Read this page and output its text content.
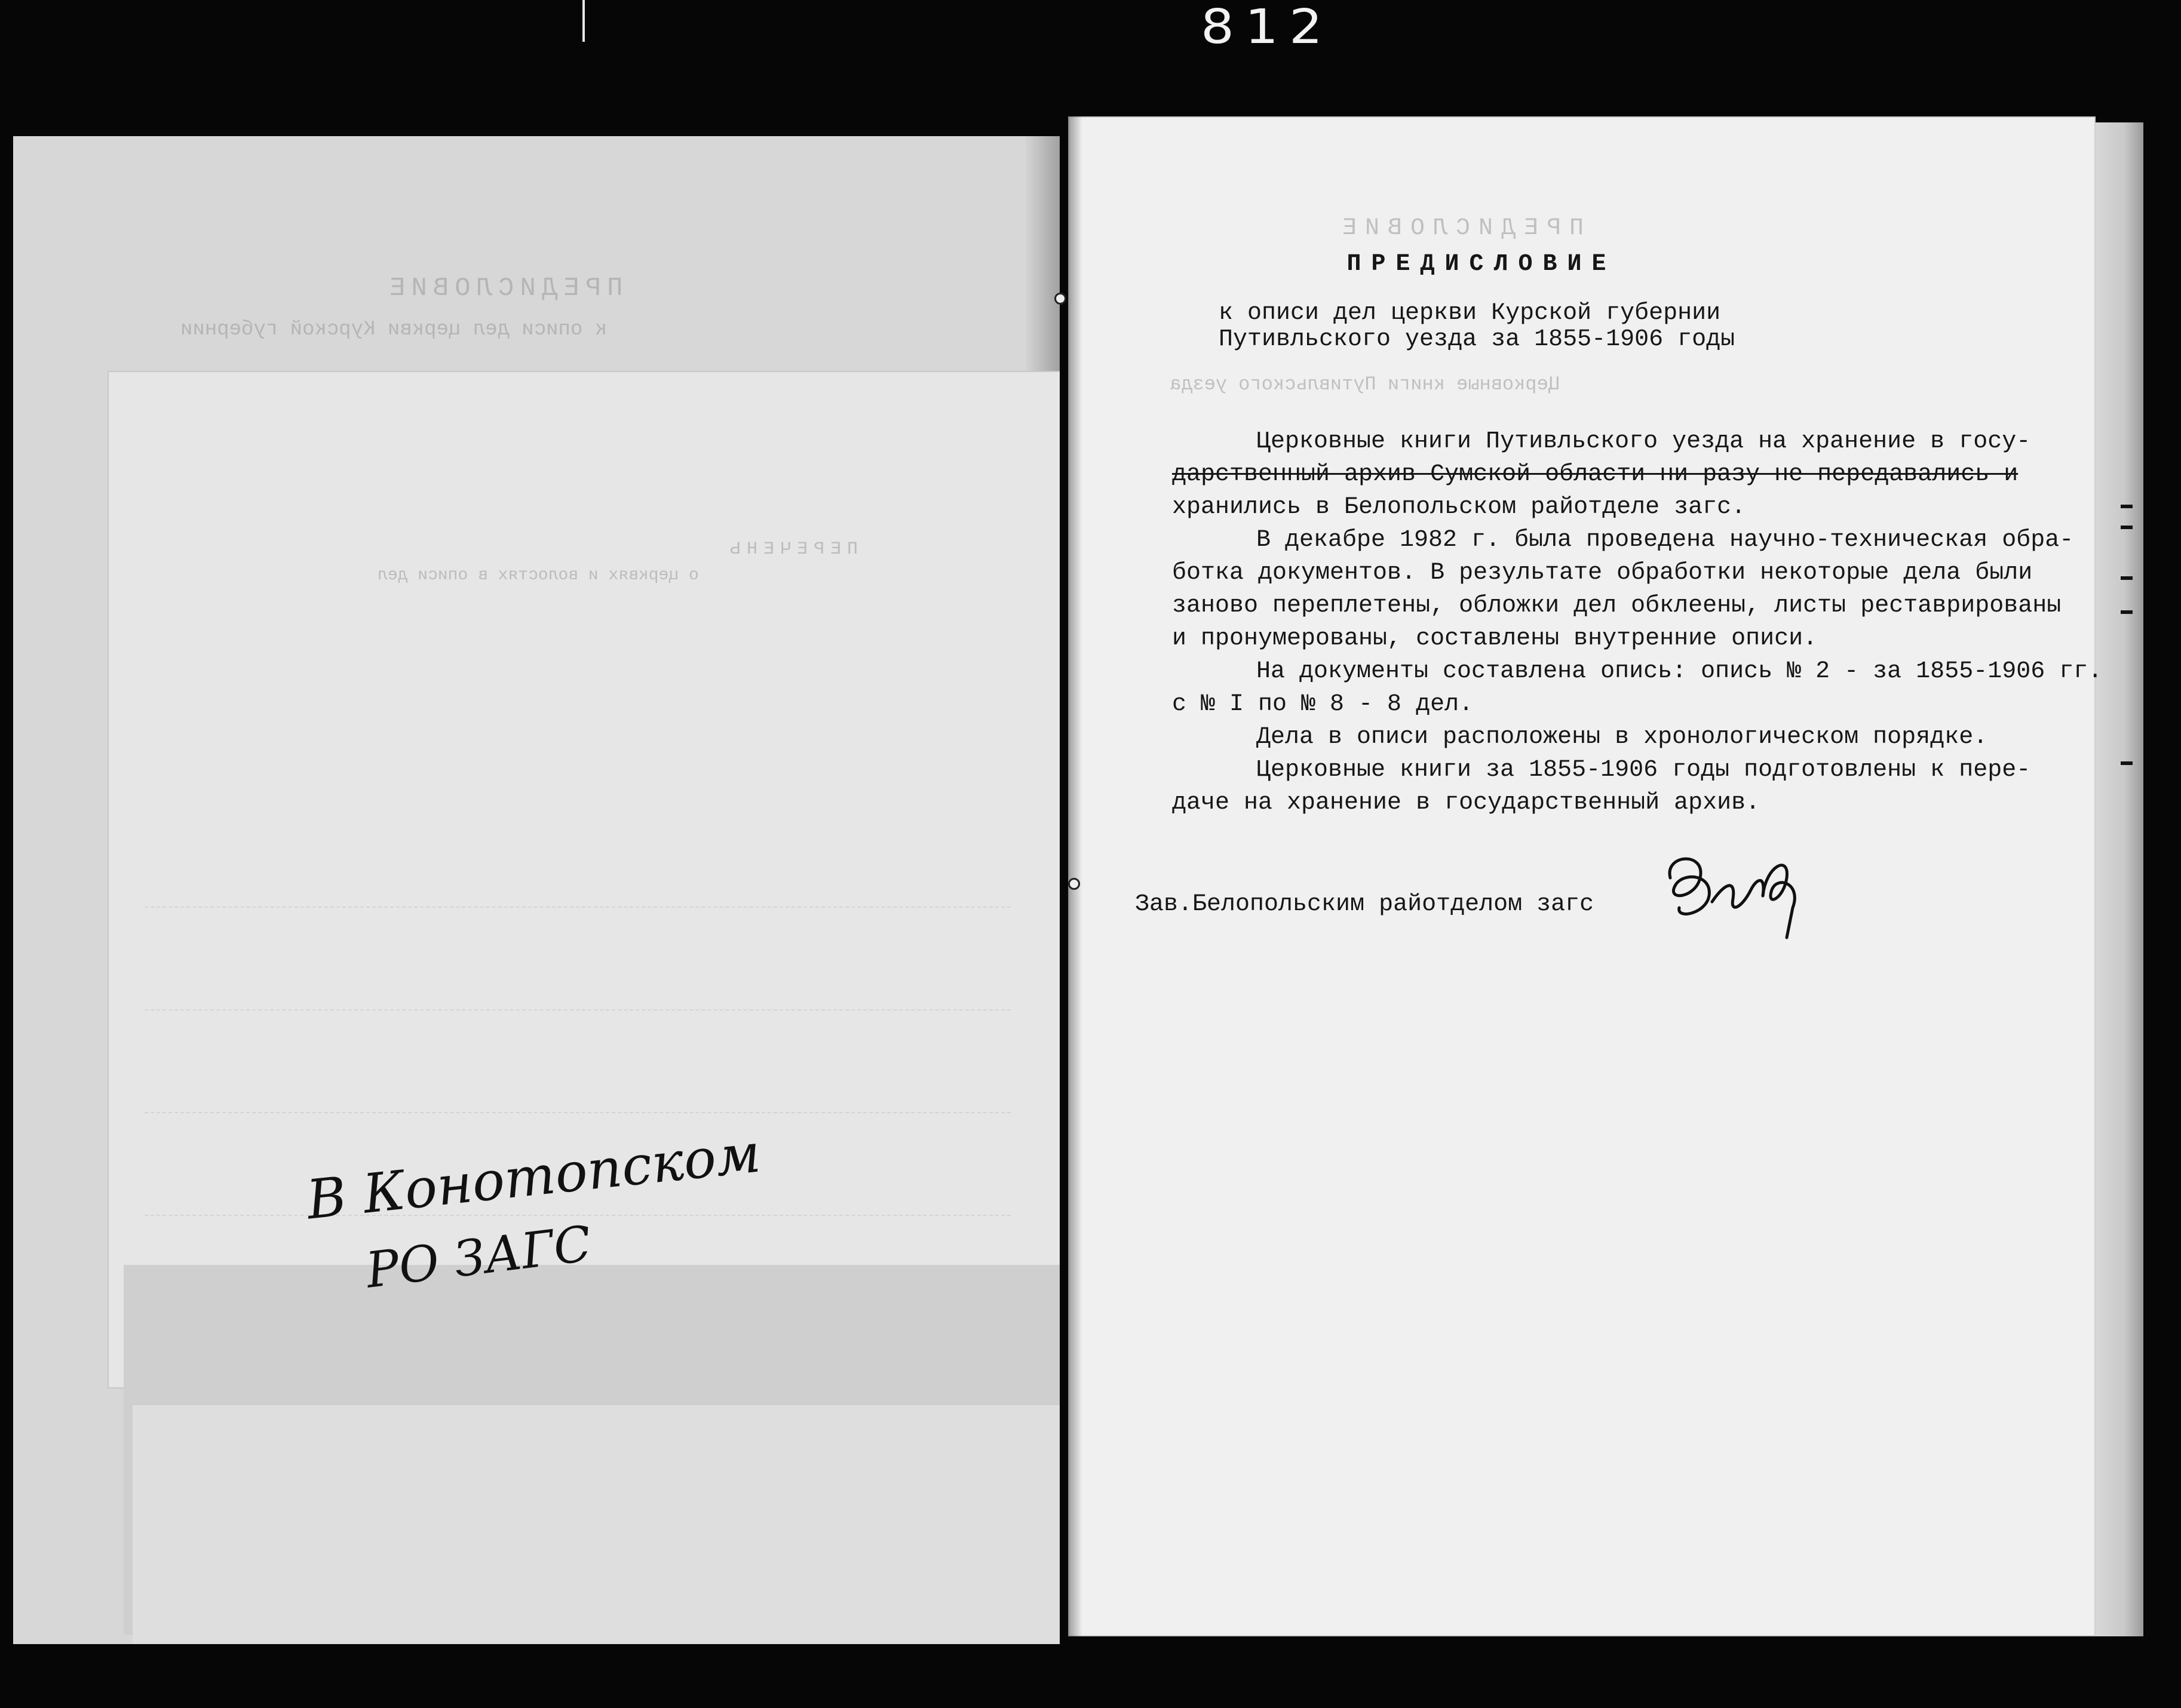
812
ПРЕДИСЛОВИЕ
к описи дел церкви Курской губернии
ПЕРЕЧЕНЬ
о церквях и волостях в описи дел
В Конотопском
РО ЗАГС
ПРЕДИСЛОВИЕ
Церковные книги Путивльского уезда
ПРЕДИСЛОВИЕ
к описи дел церкви Курской губернии
Путивльского уезда за 1855-1906 годы

Церковные книги Путивльского уезда на хранение в госу-

дарственный архив Сумской области ни разу не передавались и

хранились в Белопольском райотделе загс.

В декабре 1982 г. была проведена научно-техническая обра-

ботка документов. В результате обработки некоторые дела были

заново переплетены, обложки дел обклеены, листы реставрированы

и пронумерованы, составлены внутренние описи.

На документы составлена опись: опись № 2 - за 1855-1906 гг.

с № I по № 8 - 8 дел.

Дела в описи расположены в хронологическом порядке.

Церковные книги за 1855-1906 годы подготовлены к пере-

даче на хранение в государственный архив.

Зав.Белопольским райотделом загс
